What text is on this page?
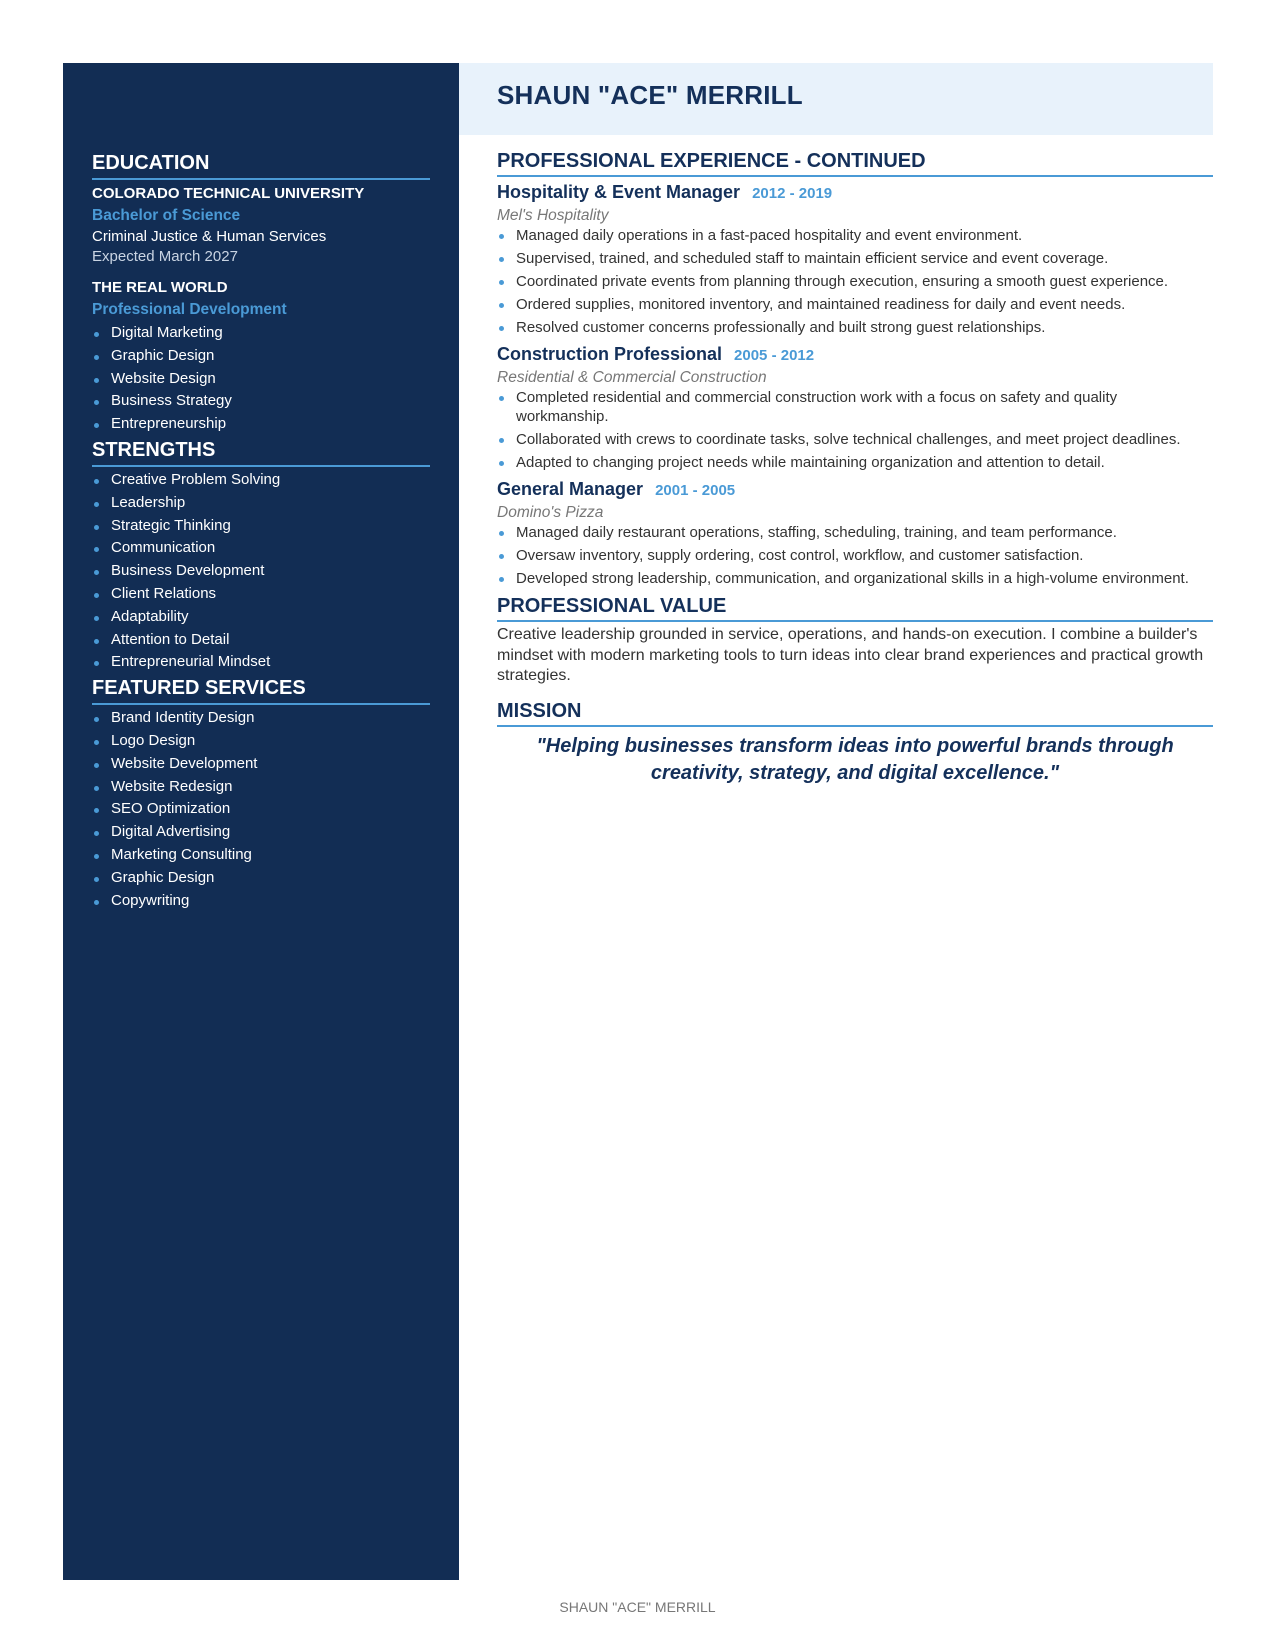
EDUCATION
COLORADO TECHNICAL UNIVERSITY
Bachelor of Science
Criminal Justice & Human Services
Expected March 2027
THE REAL WORLD
Professional Development
Digital Marketing
Graphic Design
Website Design
Business Strategy
Entrepreneurship
STRENGTHS
Creative Problem Solving
Leadership
Strategic Thinking
Communication
Business Development
Client Relations
Adaptability
Attention to Detail
Entrepreneurial Mindset
FEATURED SERVICES
Brand Identity Design
Logo Design
Website Development
Website Redesign
SEO Optimization
Digital Advertising
Marketing Consulting
Graphic Design
Copywriting
SHAUN "ACE" MERRILL
PROFESSIONAL EXPERIENCE - CONTINUED
Hospitality & Event Manager 2012 - 2019
Mel's Hospitality
Managed daily operations in a fast-paced hospitality and event environment.
Supervised, trained, and scheduled staff to maintain efficient service and event coverage.
Coordinated private events from planning through execution, ensuring a smooth guest experience.
Ordered supplies, monitored inventory, and maintained readiness for daily and event needs.
Resolved customer concerns professionally and built strong guest relationships.
Construction Professional 2005 - 2012
Residential & Commercial Construction
Completed residential and commercial construction work with a focus on safety and quality workmanship.
Collaborated with crews to coordinate tasks, solve technical challenges, and meet project deadlines.
Adapted to changing project needs while maintaining organization and attention to detail.
General Manager 2001 - 2005
Domino's Pizza
Managed daily restaurant operations, staffing, scheduling, training, and team performance.
Oversaw inventory, supply ordering, cost control, workflow, and customer satisfaction.
Developed strong leadership, communication, and organizational skills in a high-volume environment.
PROFESSIONAL VALUE

Creative leadership grounded in service, operations, and hands-on execution. I combine a builder's mindset with modern marketing tools to turn ideas into clear brand experiences and practical growth strategies.

MISSION
"Helping businesses transform ideas into powerful brands through creativity, strategy, and digital excellence."
SHAUN "ACE" MERRILL
